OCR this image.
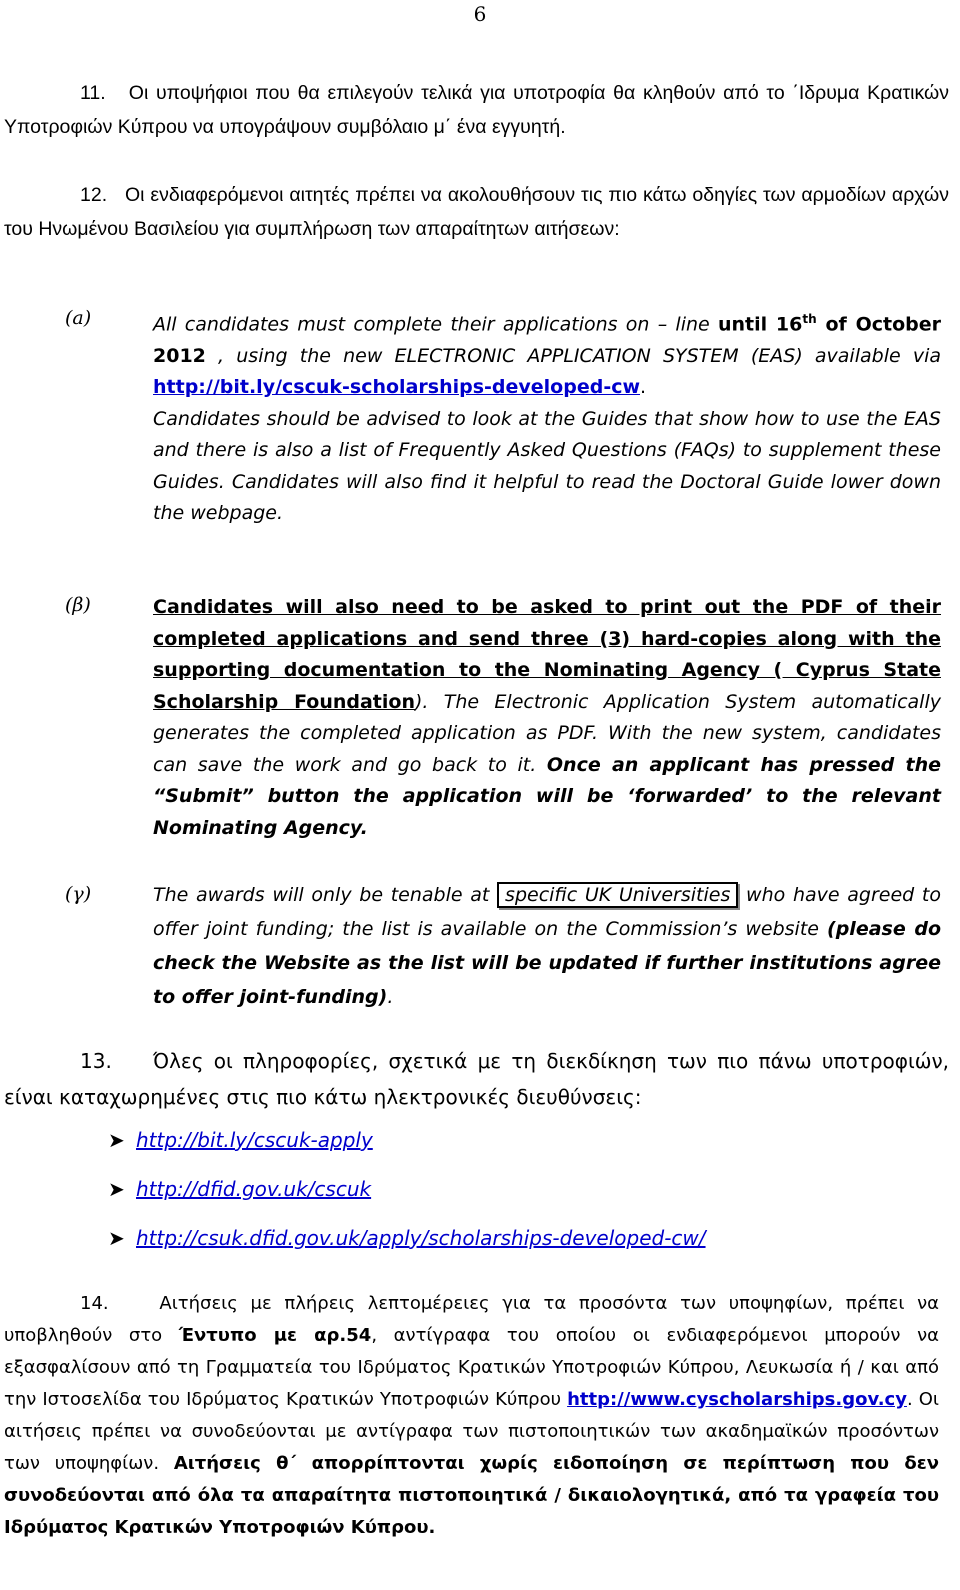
6
11. Οι υποψήφιοι που θα επιλεγούν τελικά για υποτροφία θα κληθούν από το ΄Ιδρυμα Κρατικών Υποτροφιών Κύπρου να υπογράψουν συμβόλαιο μ΄ ένα εγγυητή.
12. Οι ενδιαφερόμενοι αιτητές πρέπει να ακολουθήσουν τις πιο κάτω οδηγίες των αρμοδίων αρχών του Ηνωμένου Βασιλείου για συμπλήρωση των απαραίτητων αιτήσεων:
(a)	All candidates must complete their applications on – line until 16th of October 2012 , using the new ELECTRONIC APPLICATION SYSTEM (EAS) available via http://bit.ly/cscuk-scholarships-developed-cw.
Candidates should be advised to look at the Guides that show how to use the EAS and there is also a list of Frequently Asked Questions (FAQs) to supplement these Guides. Candidates will also find it helpful to read the Doctoral Guide lower down the webpage.
(β)	Candidates will also need to be asked to print out the PDF of their completed applications and send three (3) hard-copies along with the supporting documentation to the Nominating Agency ( Cyprus State Scholarship Foundation). The Electronic Application System automatically generates the completed application as PDF. With the new system, candidates can save the work and go back to it. Once an applicant has pressed the “Submit” button the application will be ‘forwarded’ to the relevant Nominating Agency.
(γ)	The awards will only be tenable at specific UK Universities who have agreed to offer joint funding; the list is available on the Commission’s website (please do check the Website as the list will be updated if further institutions agree to offer joint-funding).
13. Όλες οι πληροφορίες, σχετικά με τη διεκδίκηση των πιο πάνω υποτροφιών, είναι καταχωρημένες στις πιο κάτω ηλεκτρονικές διευθύνσεις:
➤ http://bit.ly/cscuk-apply
➤ http://dfid.gov.uk/cscuk
➤ http://csuk.dfid.gov.uk/apply/scholarships-developed-cw/
14.	Αιτήσεις με πλήρεις λεπτομέρειες για τα προσόντα των υποψηφίων, πρέπει να υποβληθούν στο Έντυπο με αρ.54, αντίγραφα του οποίου οι ενδιαφερόμενοι μπορούν να εξασφαλίσουν από τη Γραμματεία του Ιδρύματος Κρατικών Υποτροφιών Κύπρου, Λευκωσία ή / και από την Ιστοσελίδα του Ιδρύματος Κρατικών Υποτροφιών Κύπρου http://www.cyscholarships.gov.cy. Οι αιτήσεις πρέπει να συνοδεύονται με αντίγραφα των πιστοποιητικών των ακαδημαϊκών προσόντων των υποψηφίων. Αιτήσεις θ΄ απορρίπτονται χωρίς ειδοποίηση σε περίπτωση που δεν συνοδεύονται από όλα τα απαραίτητα πιστοποιητικά / δικαιολογητικά, από τα γραφεία του Ιδρύματος Κρατικών Υποτροφιών Κύπρου.
